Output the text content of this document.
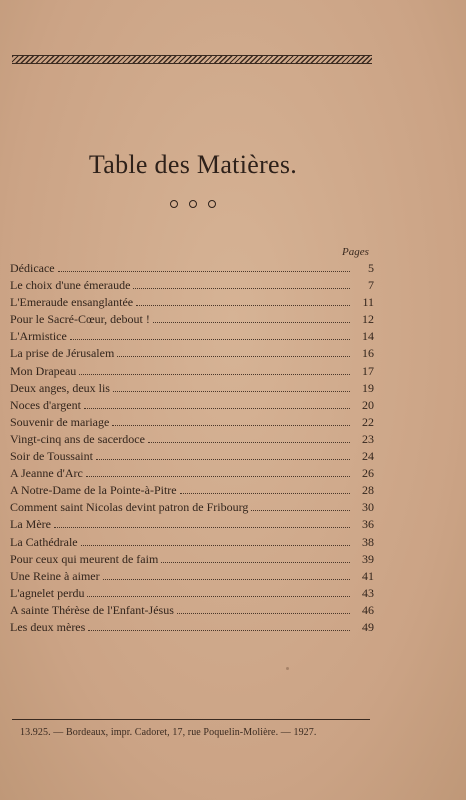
Table des Matières.
Pages
Dédicace	5
Le choix d'une émeraude	7
L'Emeraude ensanglantée	11
Pour le Sacré-Cœur, debout !	12
L'Armistice	14
La prise de Jérusalem	16
Mon Drapeau	17
Deux anges, deux lis	19
Noces d'argent	20
Souvenir de mariage	22
Vingt-cinq ans de sacerdoce	23
Soir de Toussaint	24
A Jeanne d'Arc	26
A Notre-Dame de la Pointe-à-Pitre	28
Comment saint Nicolas devint patron de Fribourg	30
La Mère	36
La Cathédrale	38
Pour ceux qui meurent de faim	39
Une Reine à aimer	41
L'agnelet perdu	43
A sainte Thérèse de l'Enfant-Jésus	46
Les deux mères	49
13.925. — Bordeaux, impr. Cadoret, 17, rue Poquelin-Molière. — 1927.
